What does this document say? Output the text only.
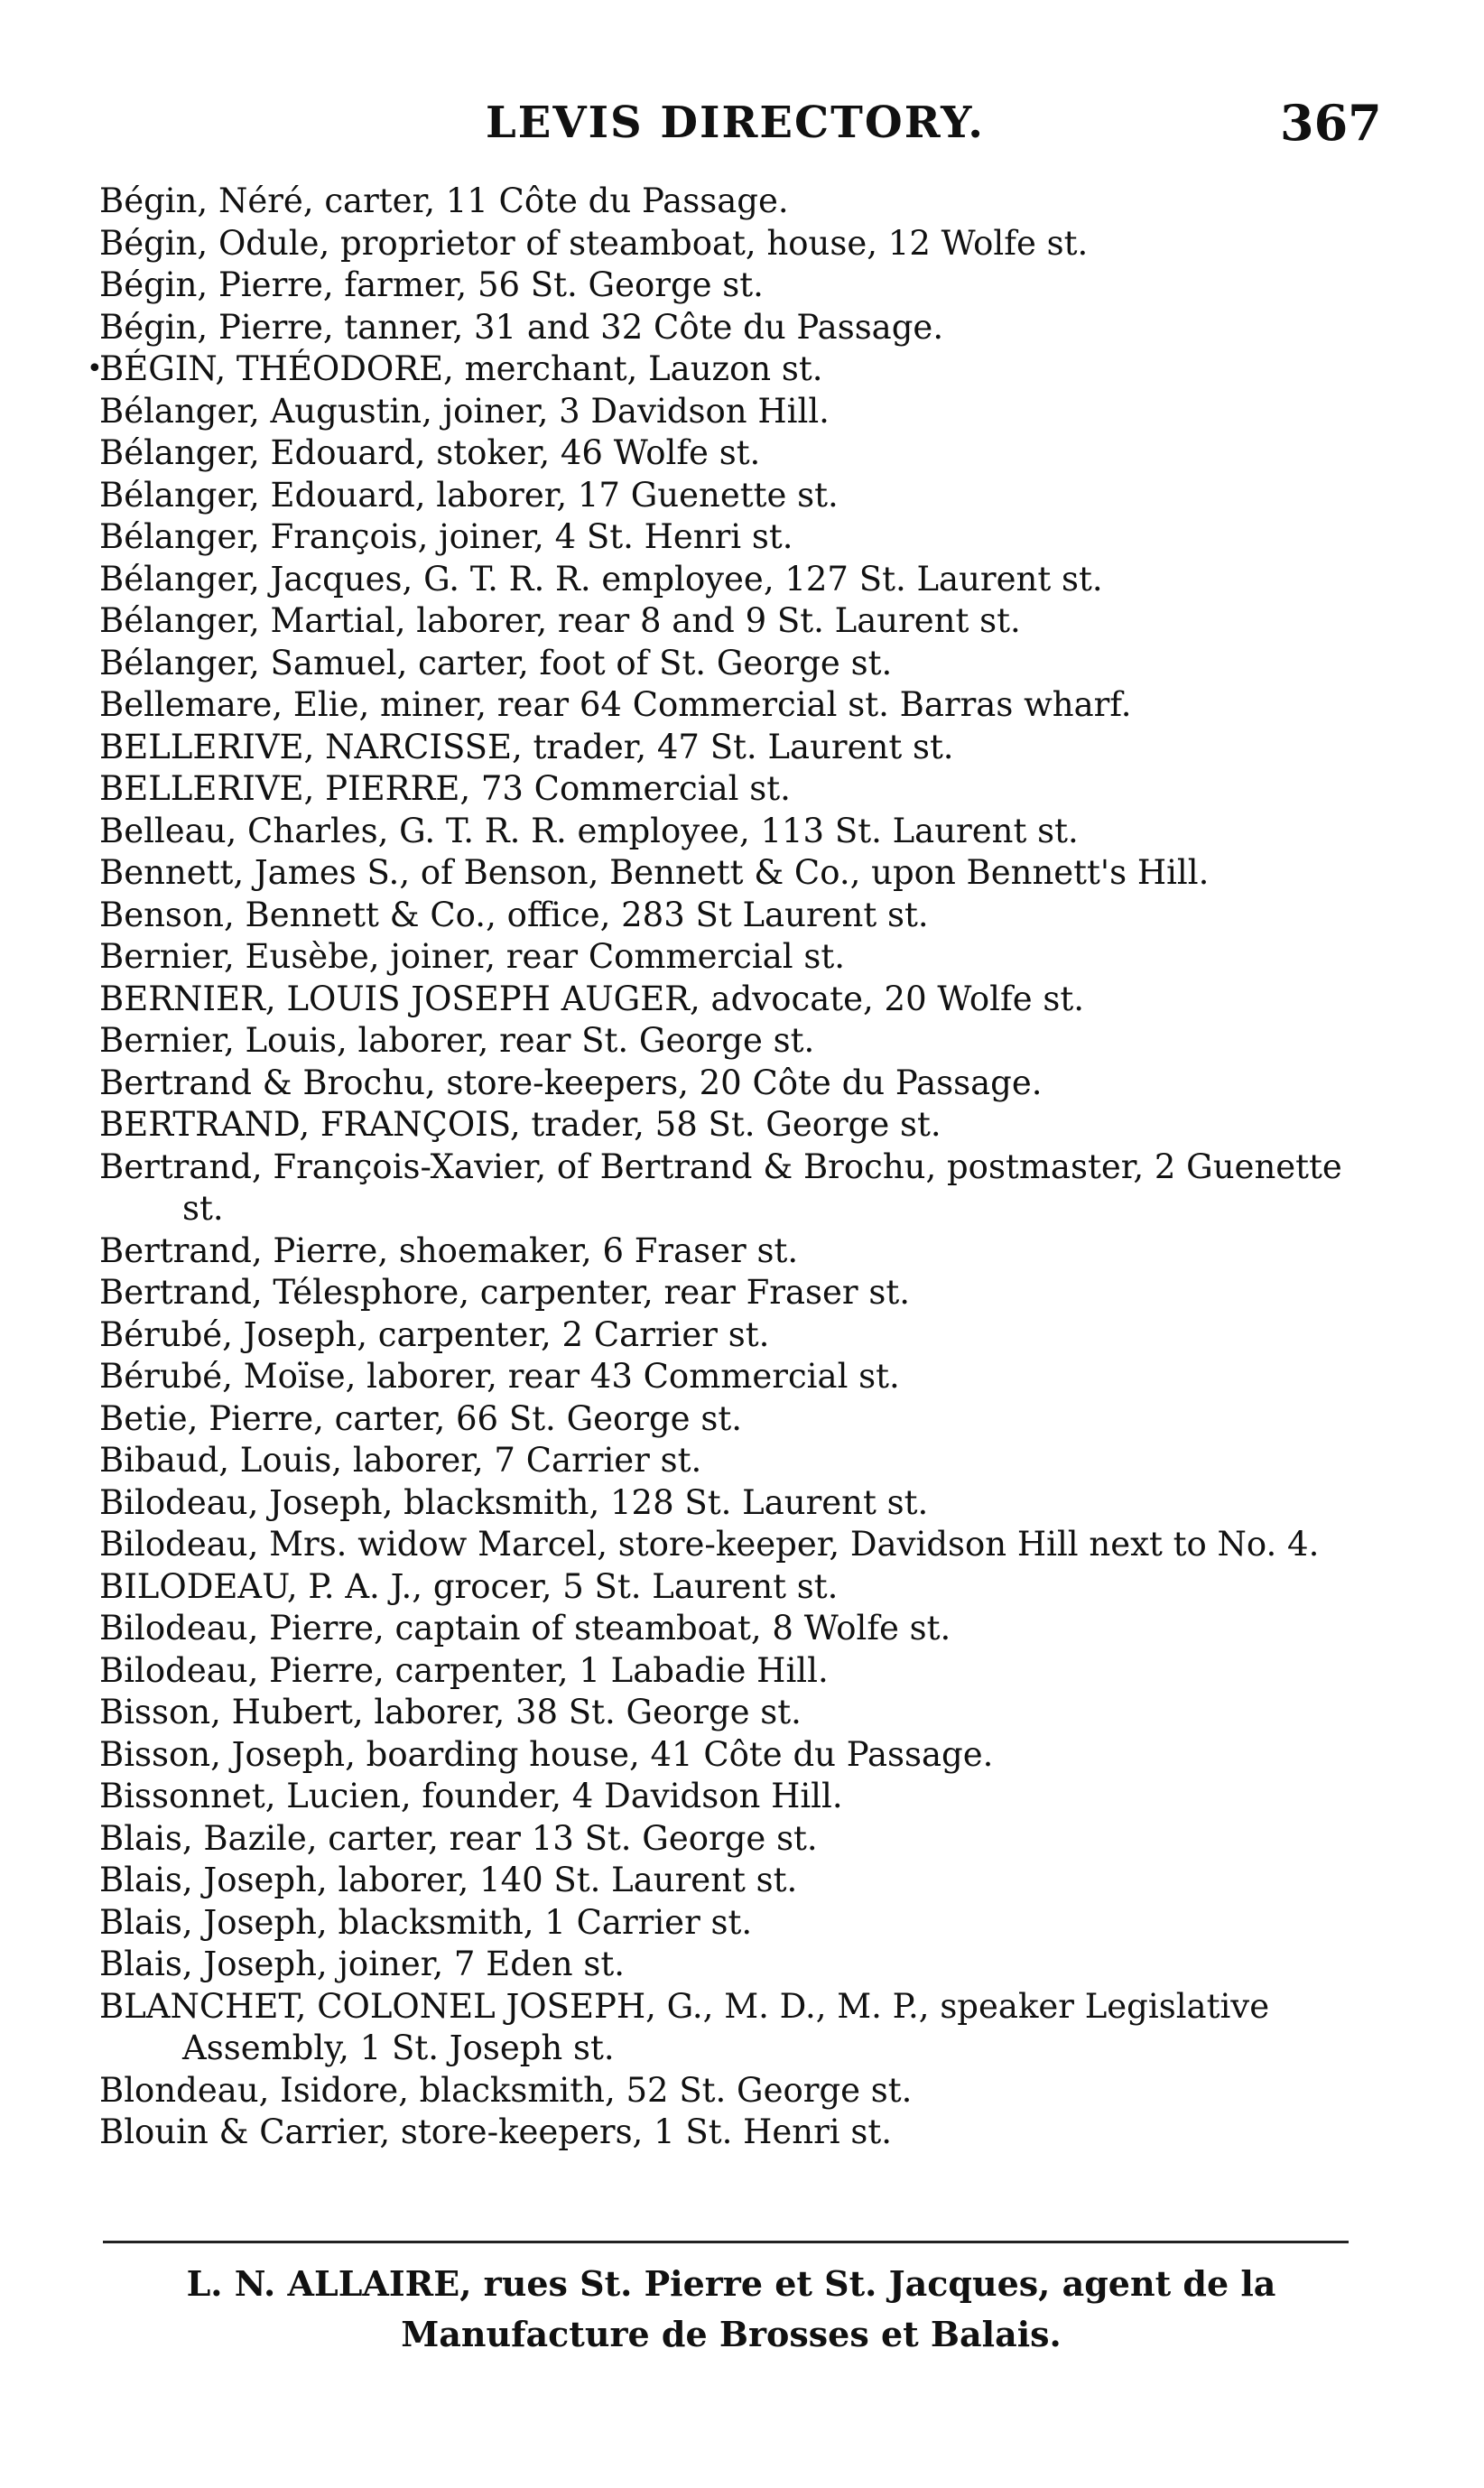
LEVIS DIRECTORY.	367
Bégin, Néré, carter, 11 Côte du Passage.
Bégin, Odule, proprietor of steamboat, house, 12 Wolfe st.
Bégin, Pierre, farmer, 56 St. George st.
Bégin, Pierre, tanner, 31 and 32 Côte du Passage.
•
BÉGIN, THÉODORE, merchant, Lauzon st.
Bélanger, Augustin, joiner, 3 Davidson Hill.
Bélanger, Edouard, stoker, 46 Wolfe st.
Bélanger, Edouard, laborer, 17 Guenette st.
Bélanger, François, joiner, 4 St. Henri st.
Bélanger, Jacques, G. T. R. R. employee, 127 St. Laurent st.
Bélanger, Martial, laborer, rear 8 and 9 St. Laurent st.
Bélanger, Samuel, carter, foot of St. George st.
Bellemare, Elie, miner, rear 64 Commercial st. Barras wharf.
BELLERIVE, NARCISSE, trader, 47 St. Laurent st.
BELLERIVE, PIERRE, 73 Commercial st.
Belleau, Charles, G. T. R. R. employee, 113 St. Laurent st.
Bennett, James S., of Benson, Bennett & Co., upon Bennett's Hill.
Benson, Bennett & Co., office, 283 St Laurent st.
Bernier, Eusèbe, joiner, rear Commercial st.
BERNIER, LOUIS JOSEPH AUGER, advocate, 20 Wolfe st.
Bernier, Louis, laborer, rear St. George st.
Bertrand & Brochu, store-keepers, 20 Côte du Passage.
BERTRAND, FRANÇOIS, trader, 58 St. George st.
Bertrand, François-Xavier, of Bertrand & Brochu, postmaster, 2 Guenette st.
Bertrand, Pierre, shoemaker, 6 Fraser st.
Bertrand, Télesphore, carpenter, rear Fraser st.
Bérubé, Joseph, carpenter, 2 Carrier st.
Bérubé, Moïse, laborer, rear 43 Commercial st.
Betie, Pierre, carter, 66 St. George st.
Bibaud, Louis, laborer, 7 Carrier st.
Bilodeau, Joseph, blacksmith, 128 St. Laurent st.
Bilodeau, Mrs. widow Marcel, store-keeper, Davidson Hill next to No. 4.
BILODEAU, P. A. J., grocer, 5 St. Laurent st.
Bilodeau, Pierre, captain of steamboat, 8 Wolfe st.
Bilodeau, Pierre, carpenter, 1 Labadie Hill.
Bisson, Hubert, laborer, 38 St. George st.
Bisson, Joseph, boarding house, 41 Côte du Passage.
Bissonnet, Lucien, founder, 4 Davidson Hill.
Blais, Bazile, carter, rear 13 St. George st.
Blais, Joseph, laborer, 140 St. Laurent st.
Blais, Joseph, blacksmith, 1 Carrier st.
Blais, Joseph, joiner, 7 Eden st.
BLANCHET, COLONEL JOSEPH, G., M. D., M. P., speaker Legislative Assembly, 1 St. Joseph st.
Blondeau, Isidore, blacksmith, 52 St. George st.
Blouin & Carrier, store-keepers, 1 St. Henri st.
L. N. ALLAIRE, rues St. Pierre et St. Jacques, agent de la
Manufacture de Brosses et Balais.
